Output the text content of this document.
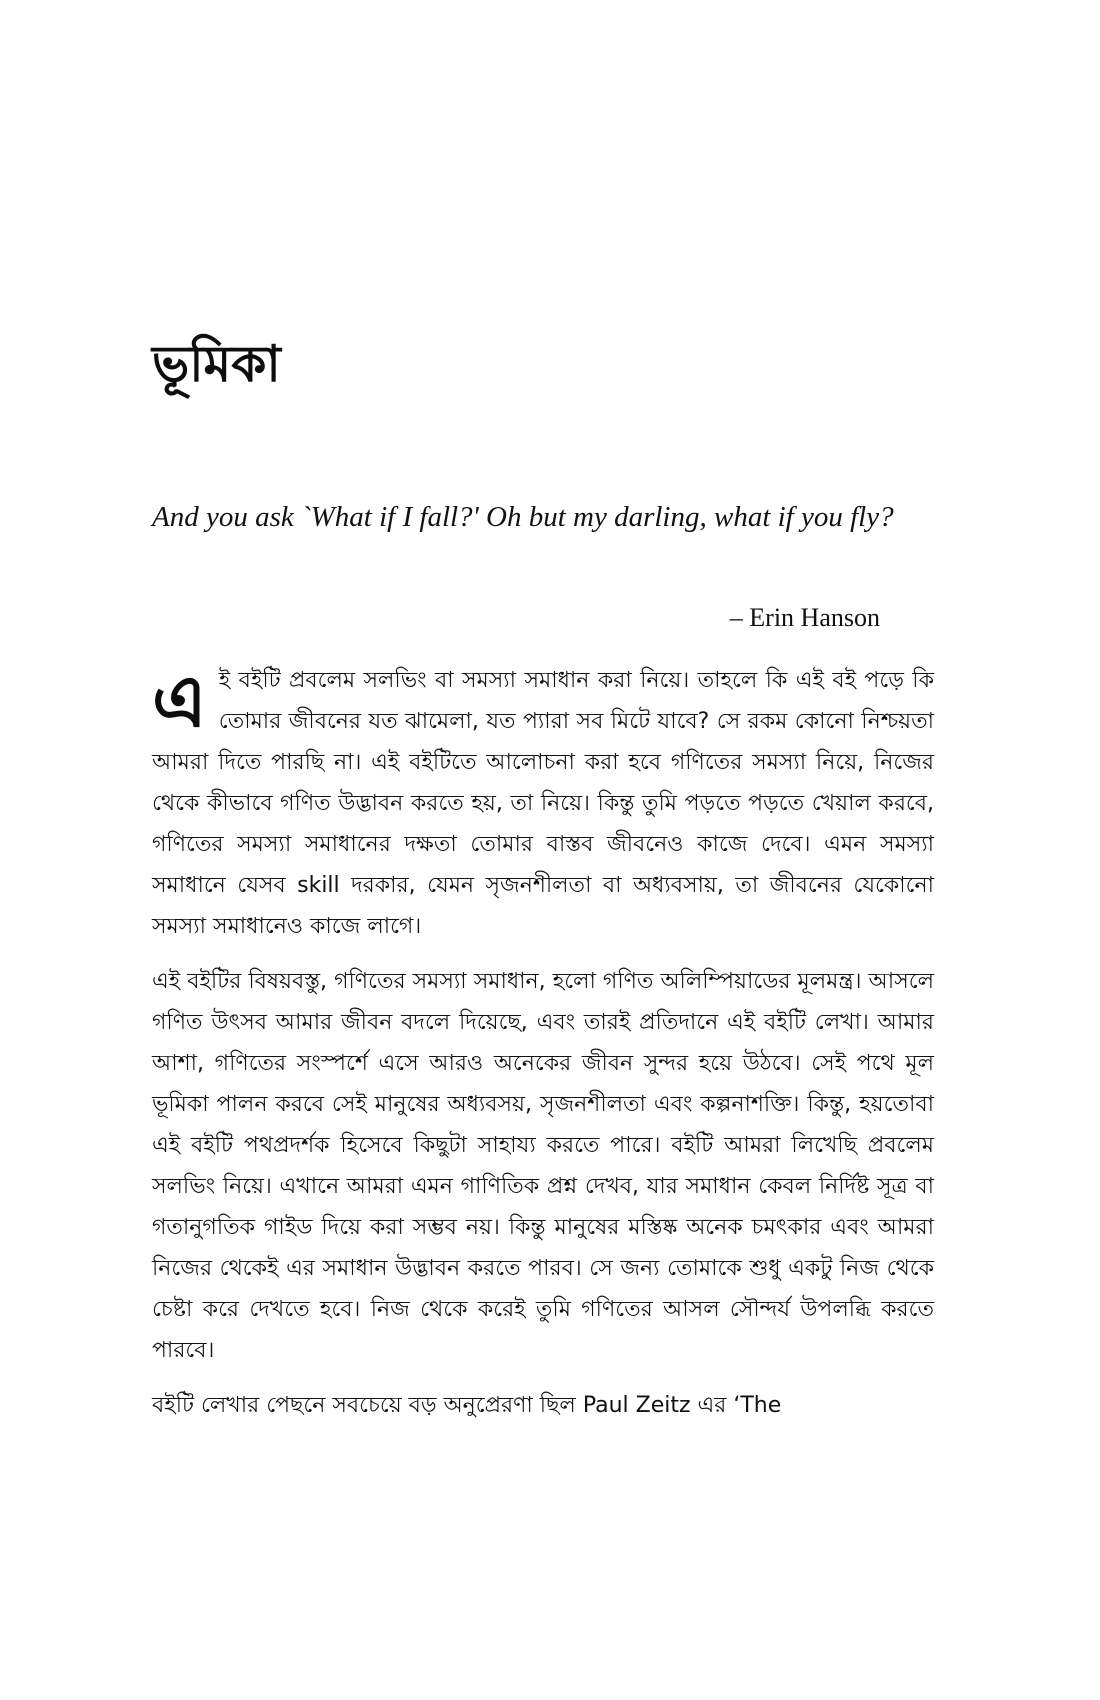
ভূমিকা

And you ask `What if I fall?' Oh but my darling, what if you fly?

– Erin Hanson

এই বইটি প্রবলেম সলভিং বা সমস্যা সমাধান করা নিয়ে। তাহলে কি এই বই পড়ে কি তোমার জীবনের যত ঝামেলা, যত প্যারা সব মিটে যাবে? সে রকম কোনো নিশ্চয়তা আমরা দিতে পারছি না। এই বইটিতে আলোচনা করা হবে গণিতের সমস্যা নিয়ে, নিজের থেকে কীভাবে গণিত উদ্ভাবন করতে হয়, তা নিয়ে। কিন্তু তুমি পড়তে পড়তে খেয়াল করবে, গণিতের সমস্যা সমাধানের দক্ষতা তোমার বাস্তব জীবনেও কাজে দেবে। এমন সমস্যা সমাধানে যেসব skill দরকার, যেমন সৃজনশীলতা বা অধ্যবসায়, তা জীবনের যেকোনো সমস্যা সমাধানেও কাজে লাগে।

এই বইটির বিষয়বস্তু, গণিতের সমস্যা সমাধান, হলো গণিত অলিম্পিয়াডের মূলমন্ত্র। আসলে গণিত উৎসব আমার জীবন বদলে দিয়েছে, এবং তারই প্রতিদানে এই বইটি লেখা। আমার আশা, গণিতের সংস্পর্শে এসে আরও অনেকের জীবন সুন্দর হয়ে উঠবে। সেই পথে মূল ভূমিকা পালন করবে সেই মানুষের অধ্যবসয়, সৃজনশীলতা এবং কল্পনাশক্তি। কিন্তু, হয়তোবা এই বইটি পথপ্রদর্শক হিসেবে কিছুটা সাহায্য করতে পারে। বইটি আমরা লিখেছি প্রবলেম সলভিং নিয়ে। এখানে আমরা এমন গাণিতিক প্রশ্ন দেখব, যার সমাধান কেবল নির্দিষ্ট সূত্র বা গতানুগতিক গাইড দিয়ে করা সম্ভব নয়। কিন্তু মানুষের মস্তিষ্ক অনেক চমৎকার এবং আমরা নিজের থেকেই এর সমাধান উদ্ভাবন করতে পারব। সে জন্য তোমাকে শুধু একটু নিজ থেকে চেষ্টা করে দেখতে হবে। নিজ থেকে করেই তুমি গণিতের আসল সৌন্দর্য উপলব্ধি করতে পারবে।

বইটি লেখার পেছনে সবচেয়ে বড় অনুপ্রেরণা ছিল Paul Zeitz এর ‘The
